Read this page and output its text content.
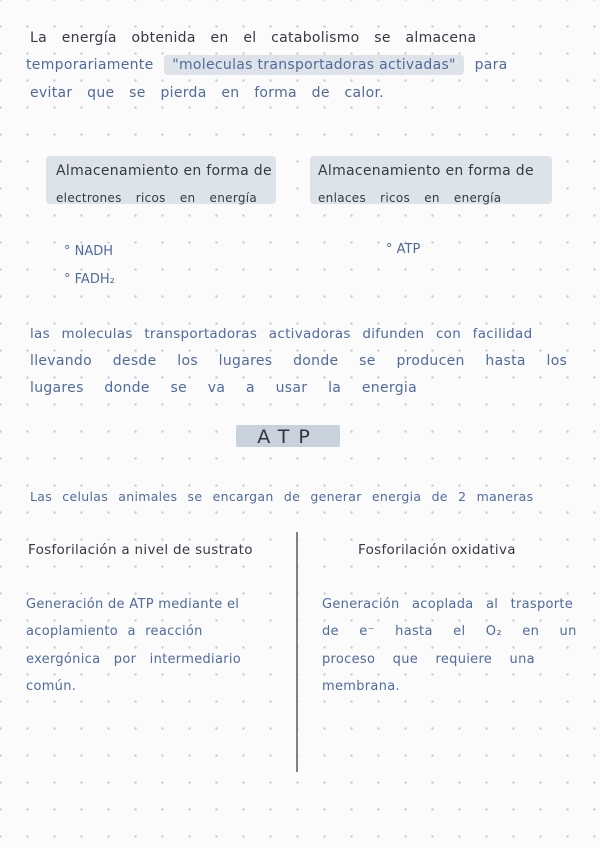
La energía obtenida en el catabolismo se almacena
temporariamente "moleculas transportadoras activadas" para
evitar que se pierda en forma de calor.
Almacenamiento en forma de
electrones ricos en energía
Almacenamiento en forma de
enlaces ricos en energía
° NADH
° FADH₂
° ATP
las moleculas transportadoras activadoras difunden con facilidad
llevando desde los lugares donde se producen hasta los
lugares donde se va a usar la energia
ATP
Las celulas animales se encargan de generar energia de 2 maneras
Fosforilación a nivel de sustrato
Generación de ATP mediante el
acoplamiento a reacción
exergónica por intermediario
común.
Fosforilación oxidativa
Generación acoplada al trasporte
de e⁻ hasta el O₂ en un
proceso que requiere una
membrana.
